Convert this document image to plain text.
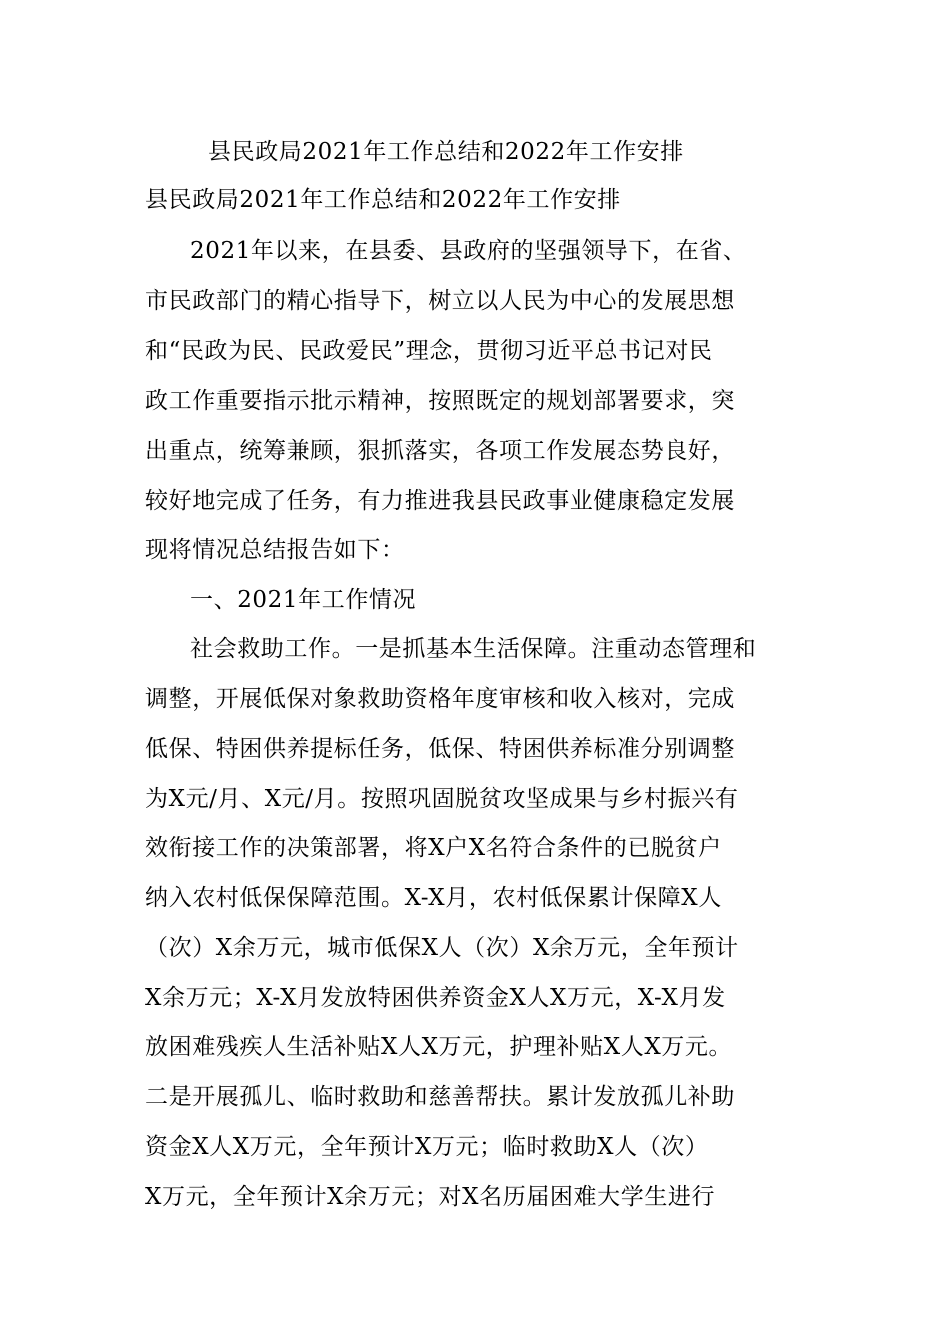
县民政局2021年工作总结和2022年工作安排
县民政局2021年工作总结和2022年工作安排
2021年以来，在县委、县政府的坚强领导下，在省、
市民政部门的精心指导下，树立以人民为中心的发展思想
和“民政为民、民政爱民”理念，贯彻习近平总书记对民
政工作重要指示批示精神，按照既定的规划部署要求，突
出重点，统筹兼顾，狠抓落实，各项工作发展态势良好，
较好地完成了任务，有力推进我县民政事业健康稳定发展
现将情况总结报告如下：
一、2021年工作情况
社会救助工作。一是抓基本生活保障。注重动态管理和
调整，开展低保对象救助资格年度审核和收入核对，完成
低保、特困供养提标任务，低保、特困供养标准分别调整
为X元/月、X元/月。按照巩固脱贫攻坚成果与乡村振兴有
效衔接工作的决策部署，将X户X名符合条件的已脱贫户
纳入农村低保保障范围。X-X月，农村低保累计保障X人
（次）X余万元，城市低保X人（次）X余万元，全年预计
X余万元；X-X月发放特困供养资金X人X万元，X-X月发
放困难残疾人生活补贴X人X万元，护理补贴X人X万元。
二是开展孤儿、临时救助和慈善帮扶。累计发放孤儿补助
资金X人X万元，全年预计X万元；临时救助X人（次）
X万元，全年预计X余万元；对X名历届困难大学生进行
